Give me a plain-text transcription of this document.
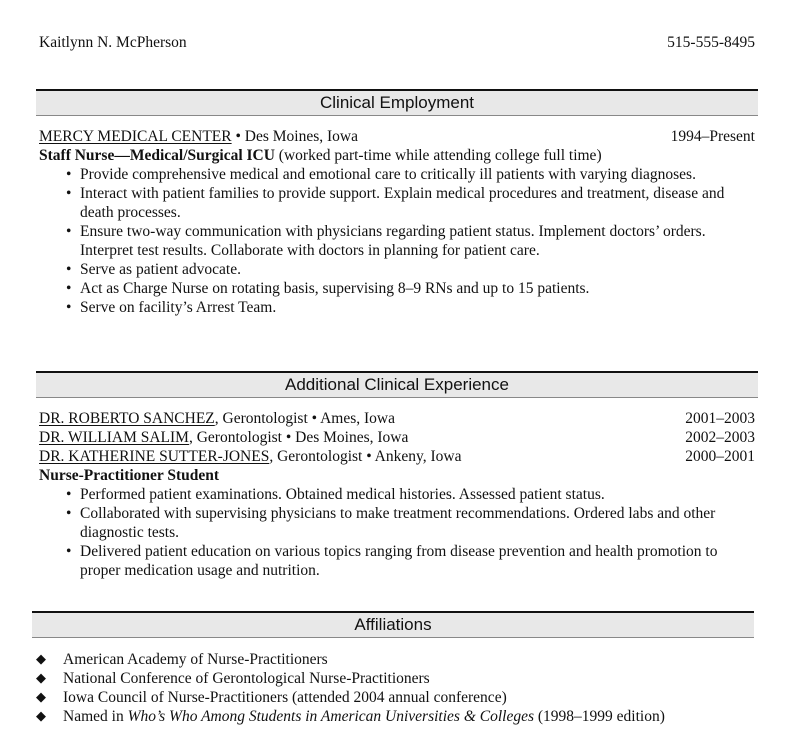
Kaitlynn N. McPherson	515-555-8495
Clinical Employment
MERCY MEDICAL CENTER • Des Moines, Iowa	1994–Present
Staff Nurse—Medical/Surgical ICU (worked part-time while attending college full time)
• Provide comprehensive medical and emotional care to critically ill patients with varying diagnoses.
• Interact with patient families to provide support. Explain medical procedures and treatment, disease and death processes.
• Ensure two-way communication with physicians regarding patient status. Implement doctors’ orders. Interpret test results. Collaborate with doctors in planning for patient care.
• Serve as patient advocate.
• Act as Charge Nurse on rotating basis, supervising 8–9 RNs and up to 15 patients.
• Serve on facility’s Arrest Team.
Additional Clinical Experience
DR. ROBERTO SANCHEZ, Gerontologist • Ames, Iowa	2001–2003
DR. WILLIAM SALIM, Gerontologist • Des Moines, Iowa	2002–2003
DR. KATHERINE SUTTER-JONES, Gerontologist • Ankeny, Iowa	2000–2001
Nurse-Practitioner Student
• Performed patient examinations. Obtained medical histories. Assessed patient status.
• Collaborated with supervising physicians to make treatment recommendations. Ordered labs and other diagnostic tests.
• Delivered patient education on various topics ranging from disease prevention and health promotion to proper medication usage and nutrition.
Affiliations
◆ American Academy of Nurse-Practitioners
◆ National Conference of Gerontological Nurse-Practitioners
◆ Iowa Council of Nurse-Practitioners (attended 2004 annual conference)
◆ Named in Who’s Who Among Students in American Universities & Colleges (1998–1999 edition)
